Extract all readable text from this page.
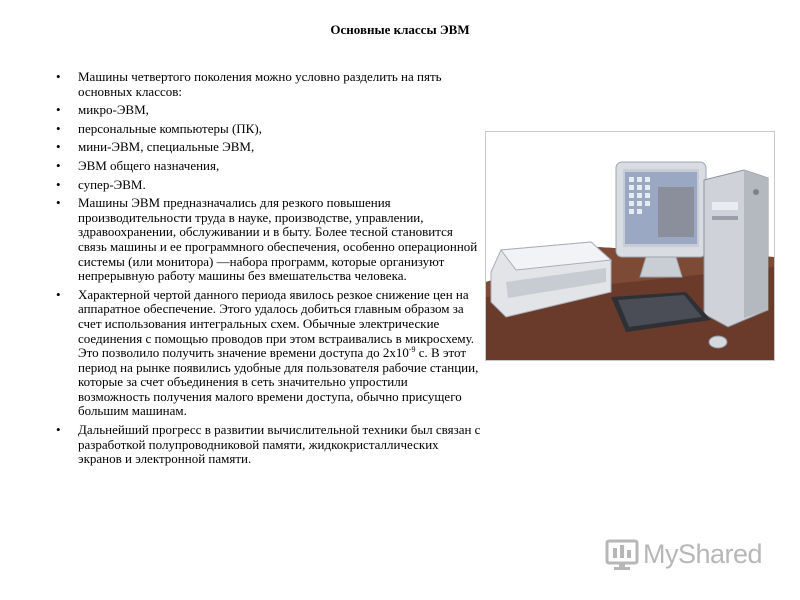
Основные классы ЭВМ
• Машины четвертого поколения можно условно разделить на пять основных классов:
• микро-ЭВМ,
• персональные компьютеры (ПК),
• мини-ЭВМ, специальные ЭВМ,
• ЭВМ общего назначения,
• супер-ЭВМ.
• Машины ЭВМ предназначались для резкого повышения производительности труда в науке, производстве, управлении, здравоохранении, обслуживании и в быту. Более тесной становится связь машины и ее программного обеспечения, особенно операционной системы (или монитора) —набора программ, которые организуют непрерывную работу машины без вмешательства человека.
• Характерной чертой данного периода явилось резкое снижение цен на аппаратное обеспечение. Этого удалось добиться главным образом за счет использования интегральных схем. Обычные электрические соединения с помощью проводов при этом встраивались в микросхему. Это позволило получить значение времени доступа до $2х10^{-9}$ с. В этот период на рынке появились удобные для пользователя рабочие станции, которые за счет объединения в сеть значительно упростили возможность получения малого времени доступа, обычно присущего большим машинам.
• Дальнейший прогресс в развитии вычислительной техники был связан с разработкой полупроводниковой памяти, жидкокристаллических экранов и электронной памяти.
MyShared
